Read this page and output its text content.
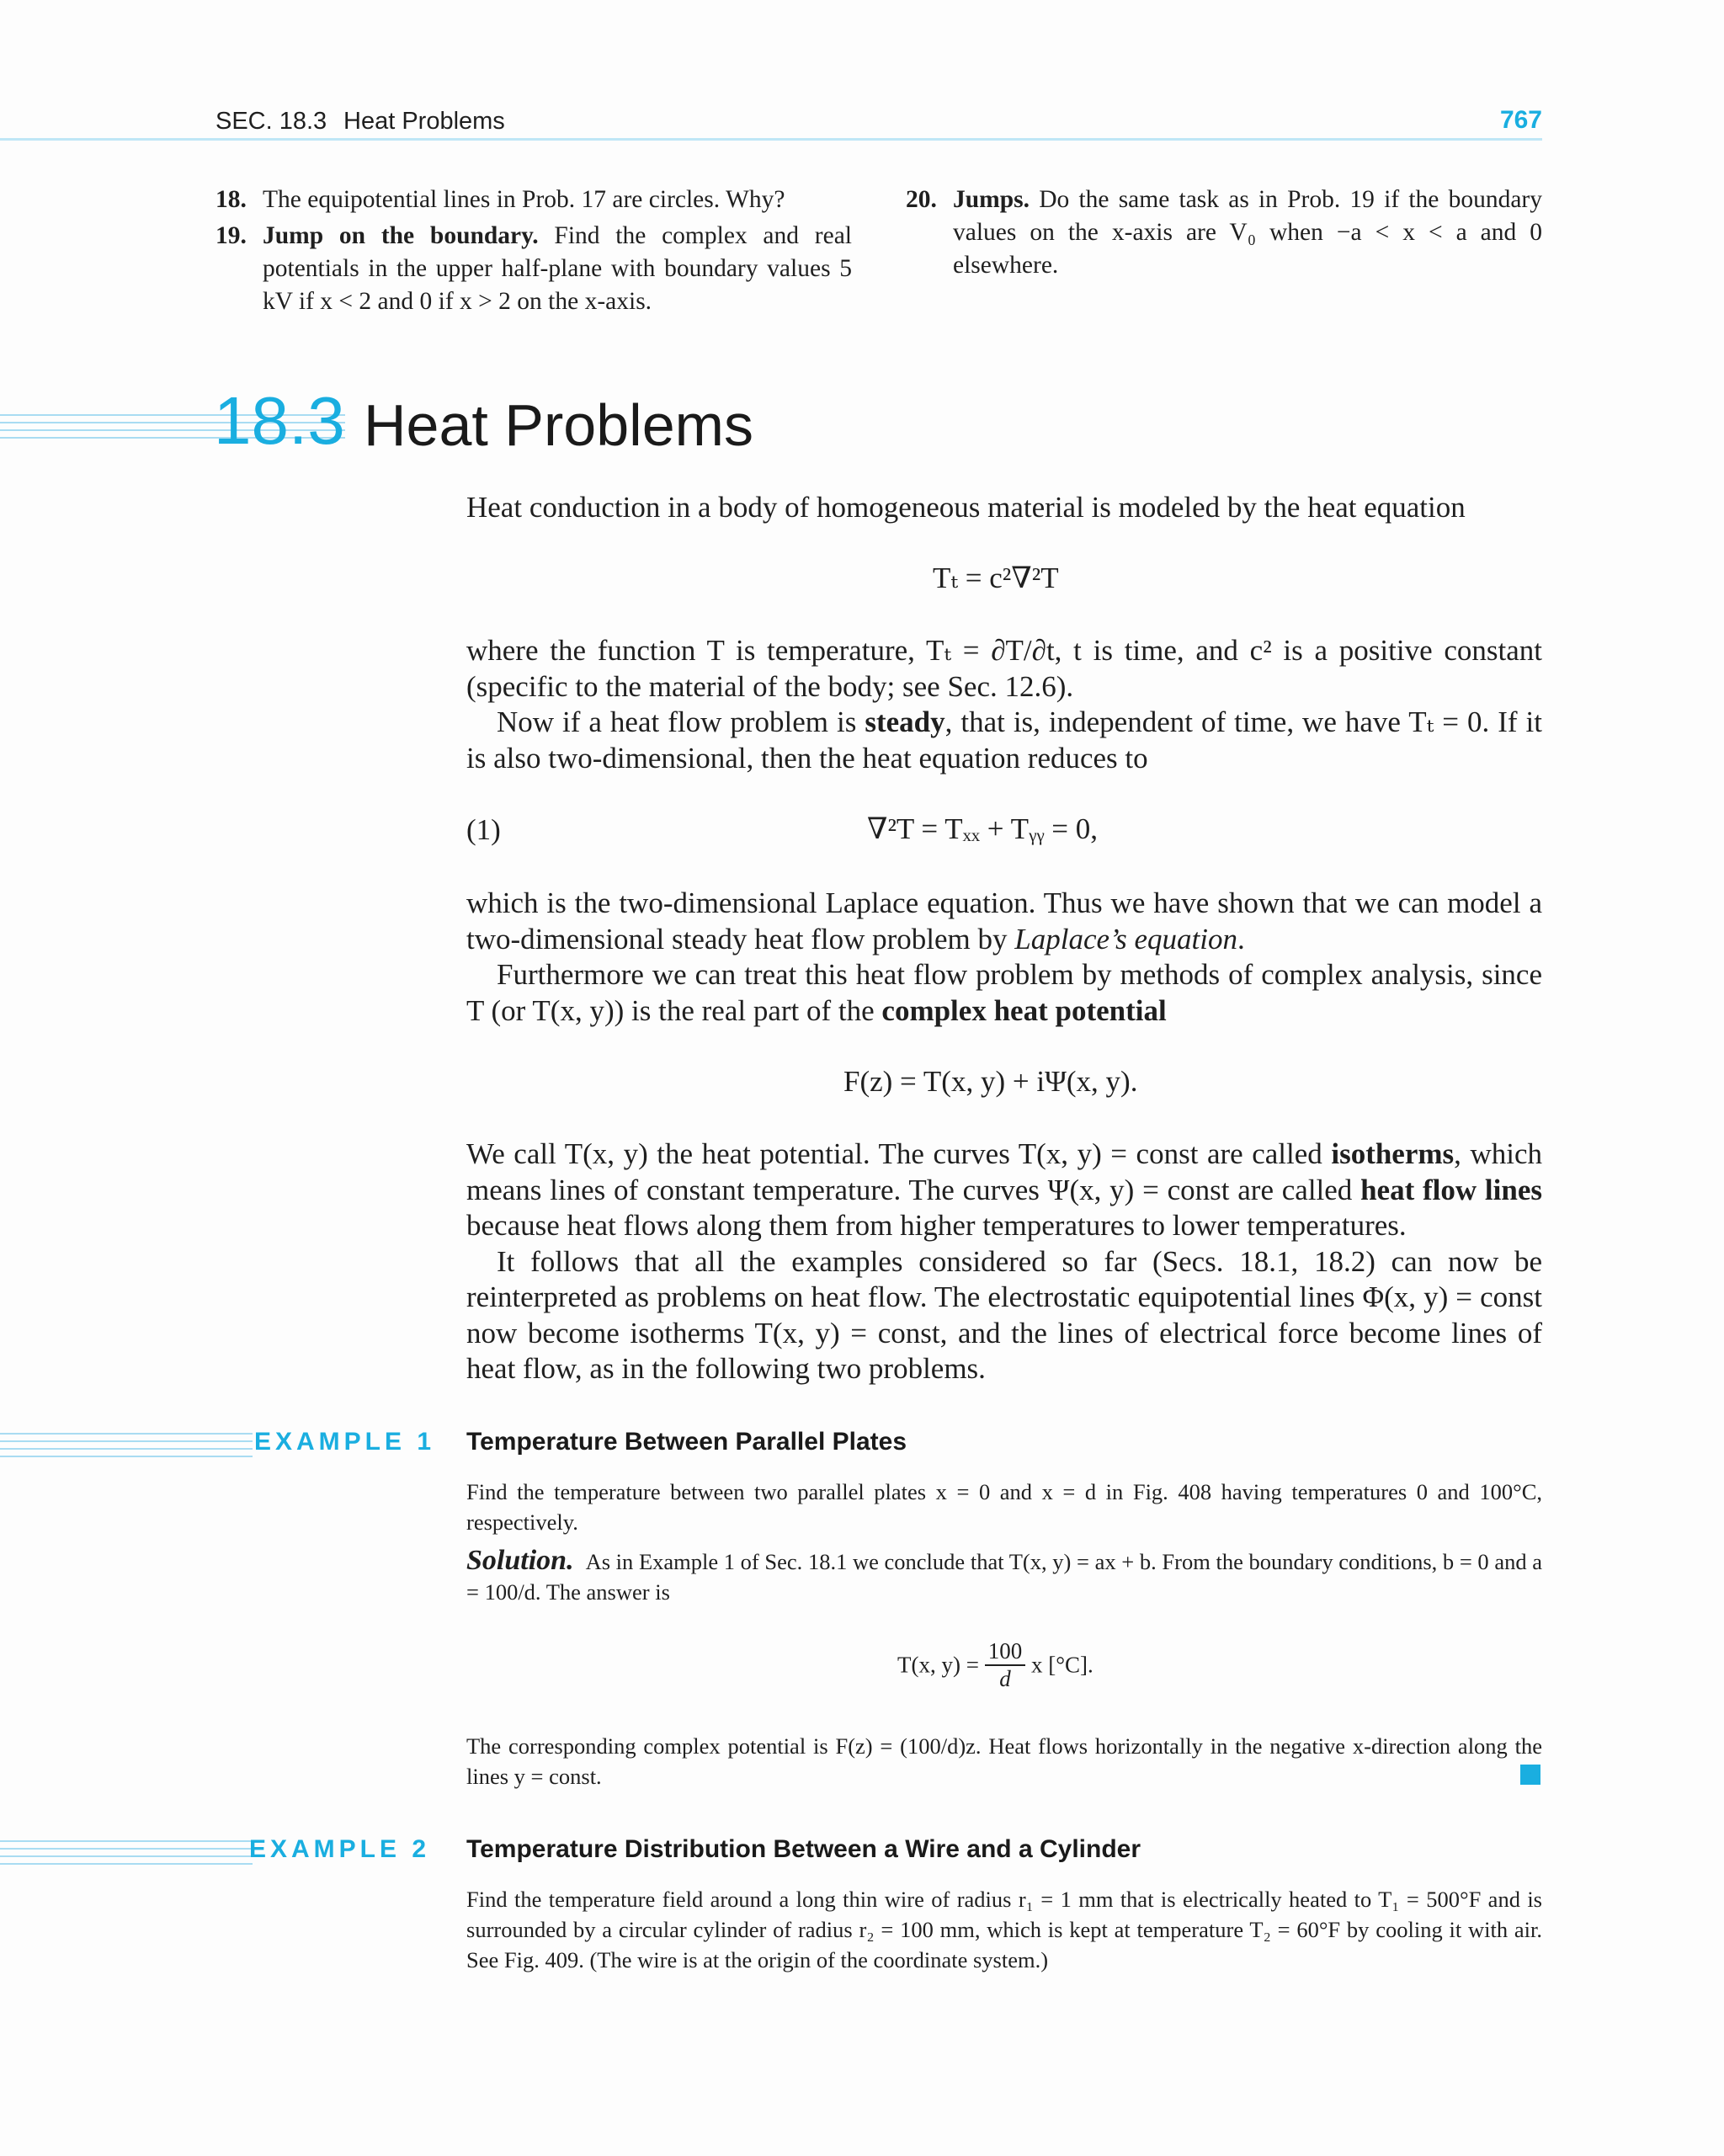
SEC. 18.3 Heat Problems	767
18. The equipotential lines in Prob. 17 are circles. Why?
19. Jump on the boundary. Find the complex and real potentials in the upper half-plane with boundary values 5 kV if x < 2 and 0 if x > 2 on the x-axis.
20. Jumps. Do the same task as in Prob. 19 if the boundary values on the x-axis are V₀ when −a < x < a and 0 elsewhere.
18.3 Heat Problems

Heat conduction in a body of homogeneous material is modeled by the heat equation

Tₜ = c²∇²T

where the function T is temperature, Tₜ = ∂T/∂t, t is time, and c² is a positive constant (specific to the material of the body; see Sec. 12.6).

Now if a heat flow problem is steady, that is, independent of time, we have Tₜ = 0. If it is also two-dimensional, then the heat equation reduces to

(1)	∇²T = Tₓₓ + Tᵧᵧ = 0,

which is the two-dimensional Laplace equation. Thus we have shown that we can model a two-dimensional steady heat flow problem by Laplace’s equation.

Furthermore we can treat this heat flow problem by methods of complex analysis, since T (or T(x, y)) is the real part of the complex heat potential

F(z) = T(x, y) + iΨ(x, y).

We call T(x, y) the heat potential. The curves T(x, y) = const are called isotherms, which means lines of constant temperature. The curves Ψ(x, y) = const are called heat flow lines because heat flows along them from higher temperatures to lower temperatures.

It follows that all the examples considered so far (Secs. 18.1, 18.2) can now be reinterpreted as problems on heat flow. The electrostatic equipotential lines Φ(x, y) = const now become isotherms T(x, y) = const, and the lines of electrical force become lines of heat flow, as in the following two problems.

EXAMPLE 1 Temperature Between Parallel Plates

Find the temperature between two parallel plates x = 0 and x = d in Fig. 408 having temperatures 0 and 100°C, respectively.

Solution. As in Example 1 of Sec. 18.1 we conclude that T(x, y) = ax + b. From the boundary conditions, b = 0 and a = 100/d. The answer is

T(x, $y) = \frac{100}{d}$ x [°C].

The corresponding complex potential is F(z) = (100/d)z. Heat flows horizontally in the negative x-direction along the lines y = const.

EXAMPLE 2 Temperature Distribution Between a Wire and a Cylinder

Find the temperature field around a long thin wire of radius r₁ = 1 mm that is electrically heated to T₁ = 500°F and is surrounded by a circular cylinder of radius r₂ = 100 mm, which is kept at temperature T₂ = 60°F by cooling it with air. See Fig. 409. (The wire is at the origin of the coordinate system.)
